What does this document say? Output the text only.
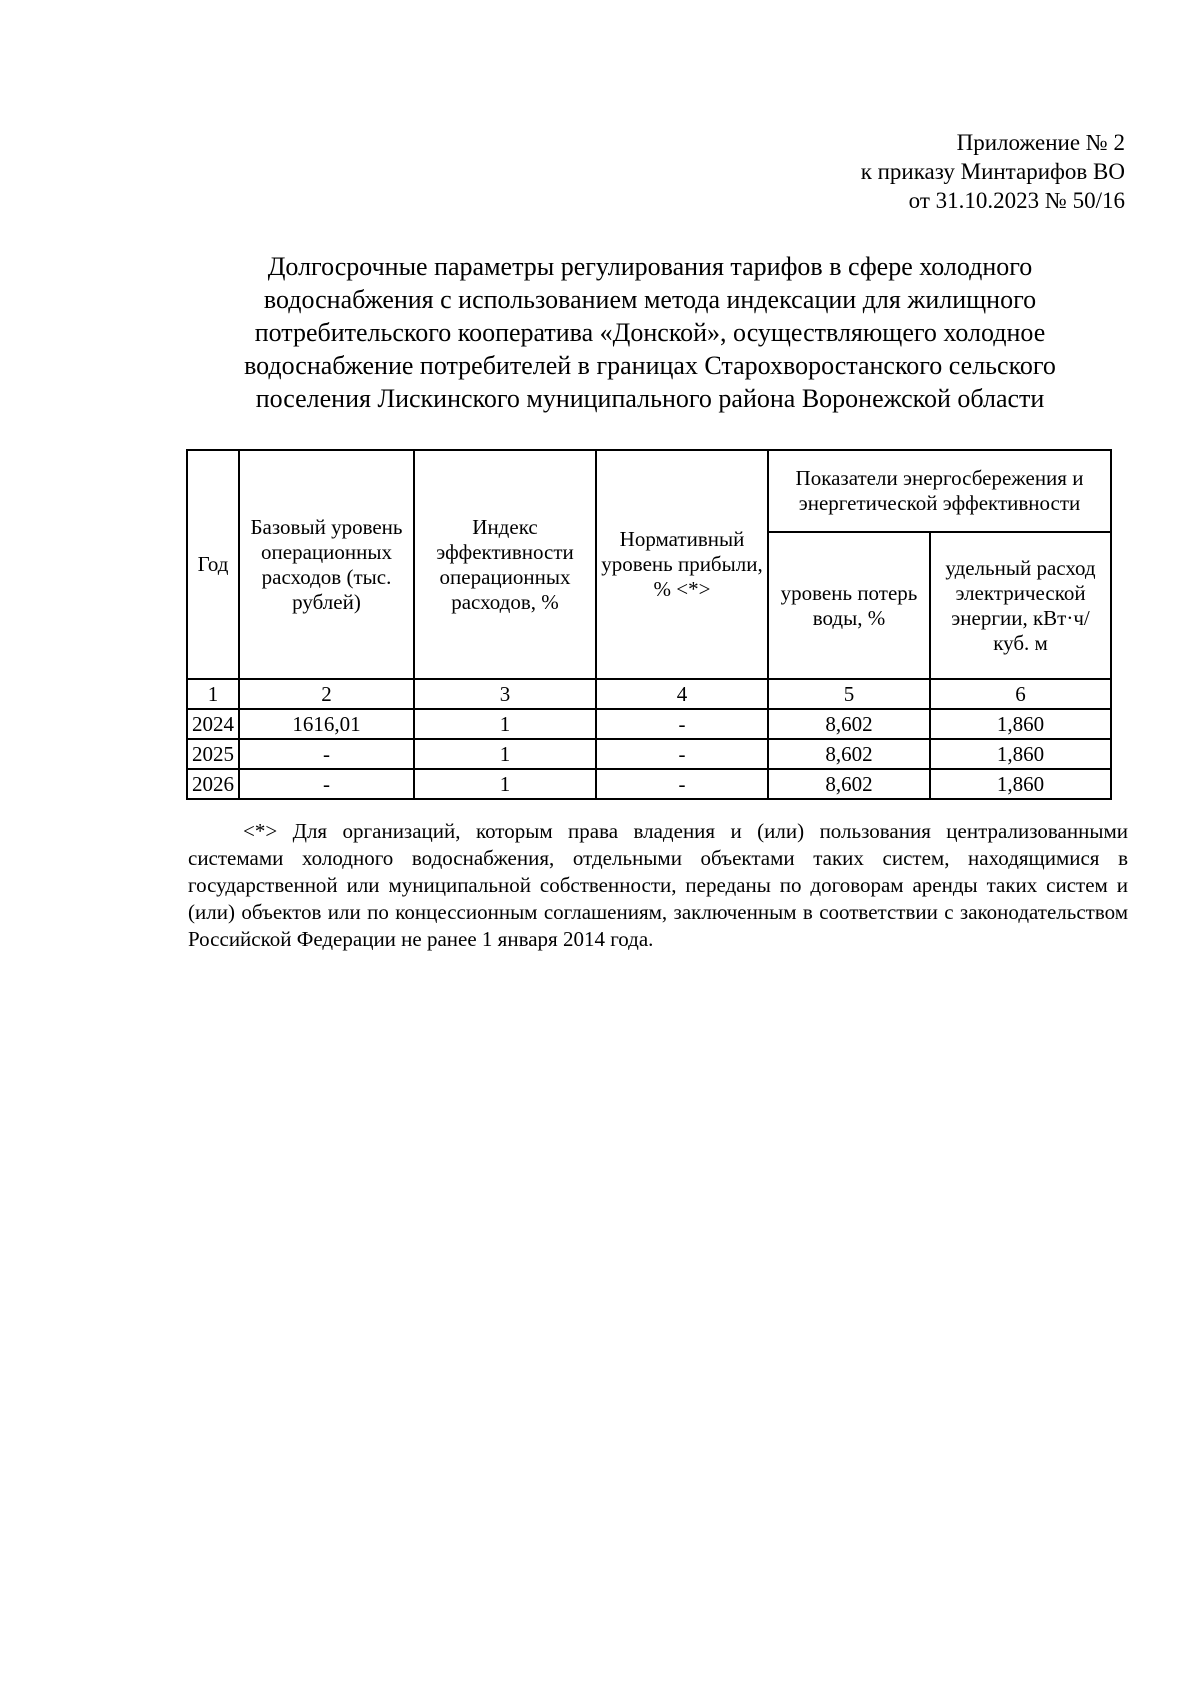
Приложение № 2
к приказу Минтарифов ВО
от 31.10.2023 № 50/16
Долгосрочные параметры регулирования тарифов в сфере холодного
водоснабжения с использованием метода индексации для жилищного
потребительского кооператива «Донской», осуществляющего холодное
водоснабжение потребителей в границах Старохворостанского сельского
поселения Лискинского муниципального района Воронежской области
Год	Базовый уровень операционных расходов (тыс. рублей)	Индекс эффективности операционных расходов, %	Нормативный уровень прибыли, % <*>	Показатели энергосбережения и энергетической эффективности	
				уровень потерь воды, %	удельный расход электрической энергии, кВт·ч/куб. м
1	2	3	4	5	6
2024	1616,01	1	-	8,602	1,860
2025	-	1	-	8,602	1,860
2026	-	1	-	8,602	1,860
<*> Для организаций, которым права владения и (или) пользования централизованными системами холодного водоснабжения, отдельными объектами таких систем, находящимися в государственной или муниципальной собственности, переданы по договорам аренды таких систем и (или) объектов или по концессионным соглашениям, заключенным в соответствии с законодательством Российской Федерации не ранее 1 января 2014 года.
